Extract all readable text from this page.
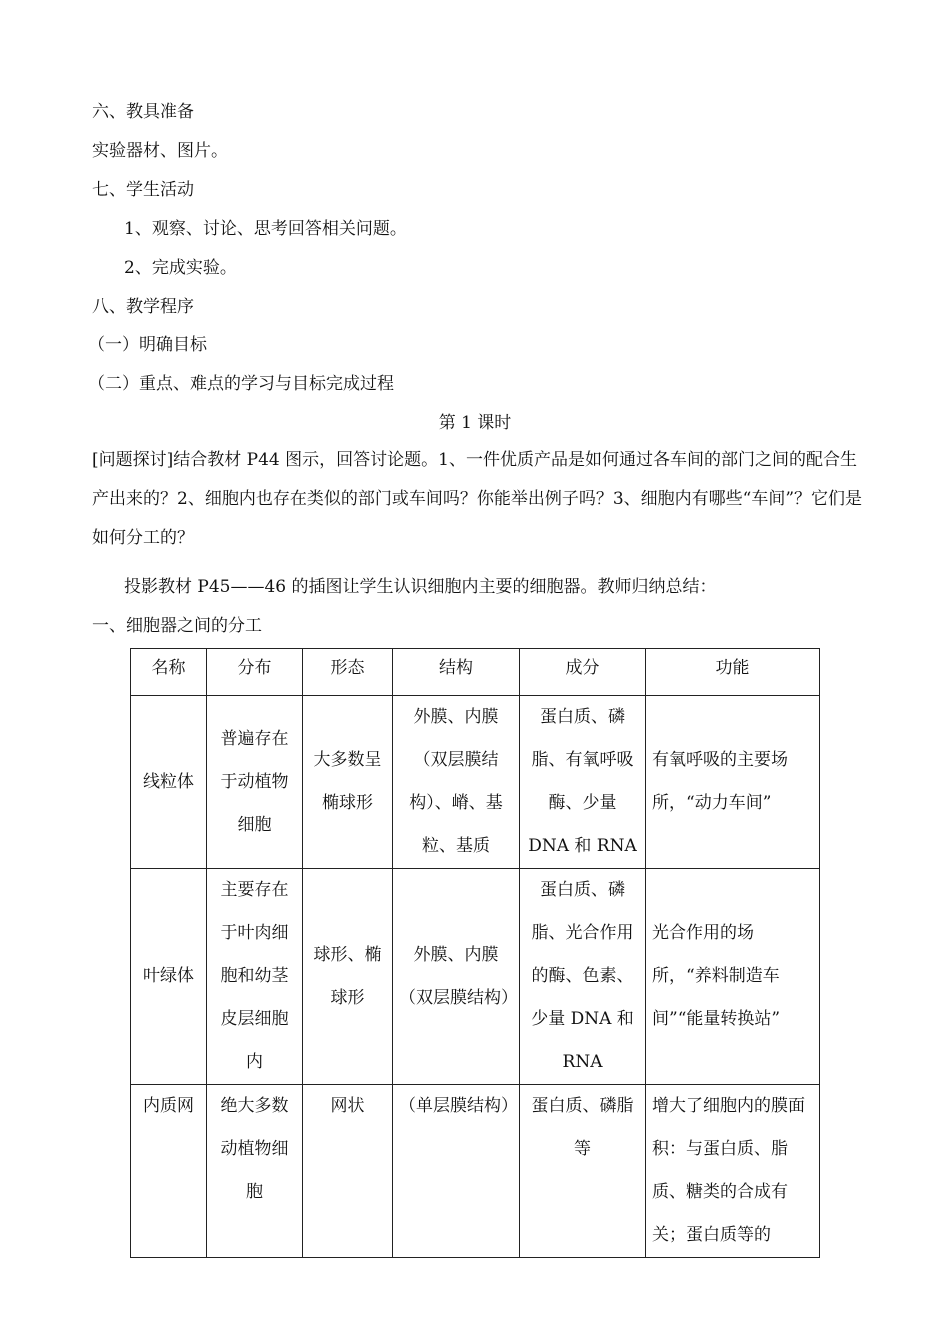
六、教具准备
实验器材、图片。
七、学生活动
1、观察、讨论、思考回答相关问题。
2、完成实验。
八、教学程序
（一）明确目标
（二）重点、难点的学习与目标完成过程
第 1 课时
[问题探讨]结合教材 P44 图示，回答讨论题。1、一件优质产品是如何通过各车间的部门之间的配合生产出来的？2、细胞内也存在类似的部门或车间吗？你能举出例子吗？3、细胞内有哪些“车间”？它们是如何分工的？
投影教材 P45——46 的插图让学生认识细胞内主要的细胞器。教师归纳总结：
一、细胞器之间的分工
名称	分布	形态	结构	成分	功能
线粒体	普遍存在于动植物细胞	大多数呈椭球形	外膜、内膜（双层膜结构）、嵴、基粒、基质	蛋白质、磷脂、有氧呼吸酶、少量 DNA 和 RNA	有氧呼吸的主要场所，“动力车间”
叶绿体	主要存在于叶肉细胞和幼茎皮层细胞内	球形、椭球形	外膜、内膜（双层膜结构）	蛋白质、磷脂、光合作用的酶、色素、少量 DNA 和 RNA	光合作用的场所，“养料制造车间”“能量转换站”
内质网	绝大多数动植物细胞	网状	（单层膜结构）	蛋白质、磷脂等	增大了细胞内的膜面积：与蛋白质、脂质、糖类的合成有关；蛋白质等的
